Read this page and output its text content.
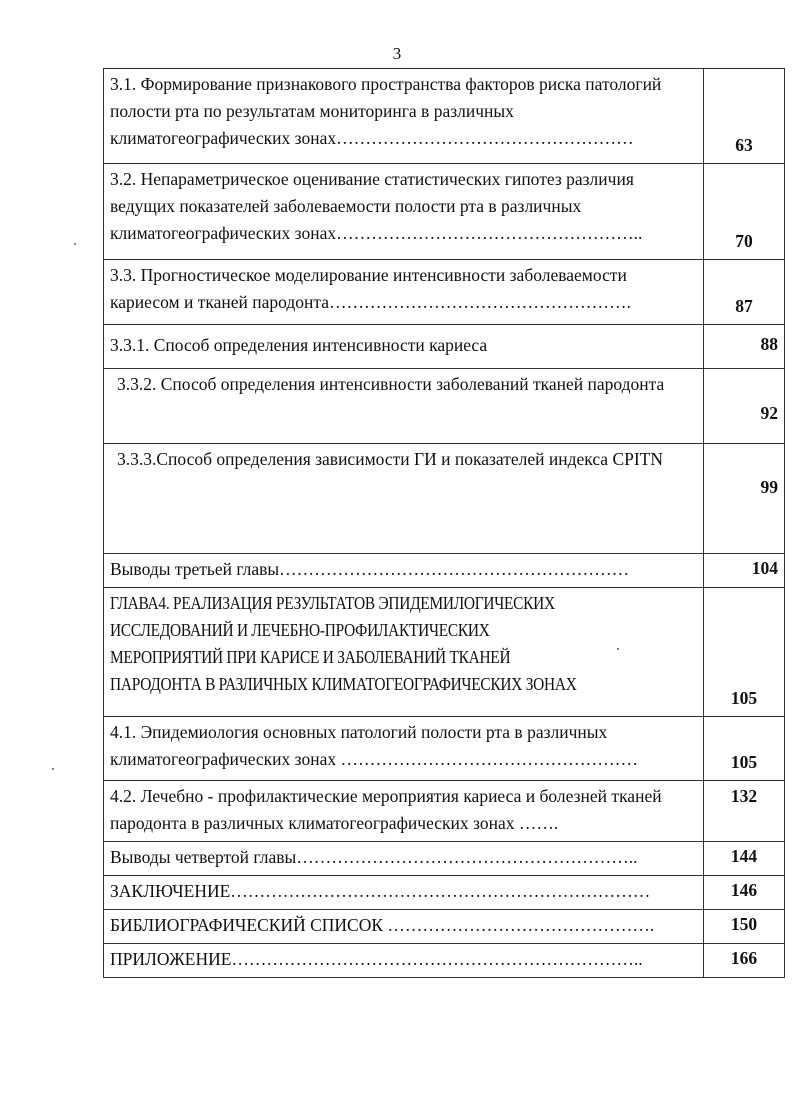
3
3.1. Формирование признакового пространства факторов риска патологий полости рта по результатам мониторинга в различных климатогеографических зонах……………………………………………	63
3.2. Непараметрическое оценивание статистических гипотез различия ведущих показателей заболеваемости полости рта в различных климатогеографических зонах……………………………………………..	70
3.3. Прогностическое моделирование интенсивности заболеваемости кариесом и тканей пародонта…………………………………………….	87
3.3.1. Способ определения интенсивности кариеса	88
3.3.2. Способ определения интенсивности заболеваний тканей пародонта	92
3.3.3.Способ определения зависимости ГИ и показателей индекса CPITN	99
Выводы третьей главы……………………………………………………	104

ГЛАВА4. РЕАЛИЗАЦИЯ РЕЗУЛЬТАТОВ ЭПИДЕМИЛОГИЧЕСКИХ
ИССЛЕДОВАНИЙ И ЛЕЧЕБНО-ПРОФИЛАКТИЧЕСКИХ
МЕРОПРИЯТИЙ ПРИ КАРИСЕ И ЗАБОЛЕВАНИЙ ТКАНЕЙ
ПАРОДОНТА В РАЗЛИЧНЫХ КЛИМАТОГЕОГРАФИЧЕСКИХ ЗОНАХ	105
4.1. Эпидемиология основных патологий полости рта в различных климатогеографических зонах ……………………………………………	105
4.2. Лечебно - профилактические мероприятия кариеса и болезней тканей пародонта в различных климатогеографических зонах …….	132
Выводы четвертой главы…………………………………………………..	144
ЗАКЛЮЧЕНИЕ………………………………………………………………	146
БИБЛИОГРАФИЧЕСКИЙ СПИСОК ……………………………………….	150
ПРИЛОЖЕНИЕ……………………………………………………………..	166
